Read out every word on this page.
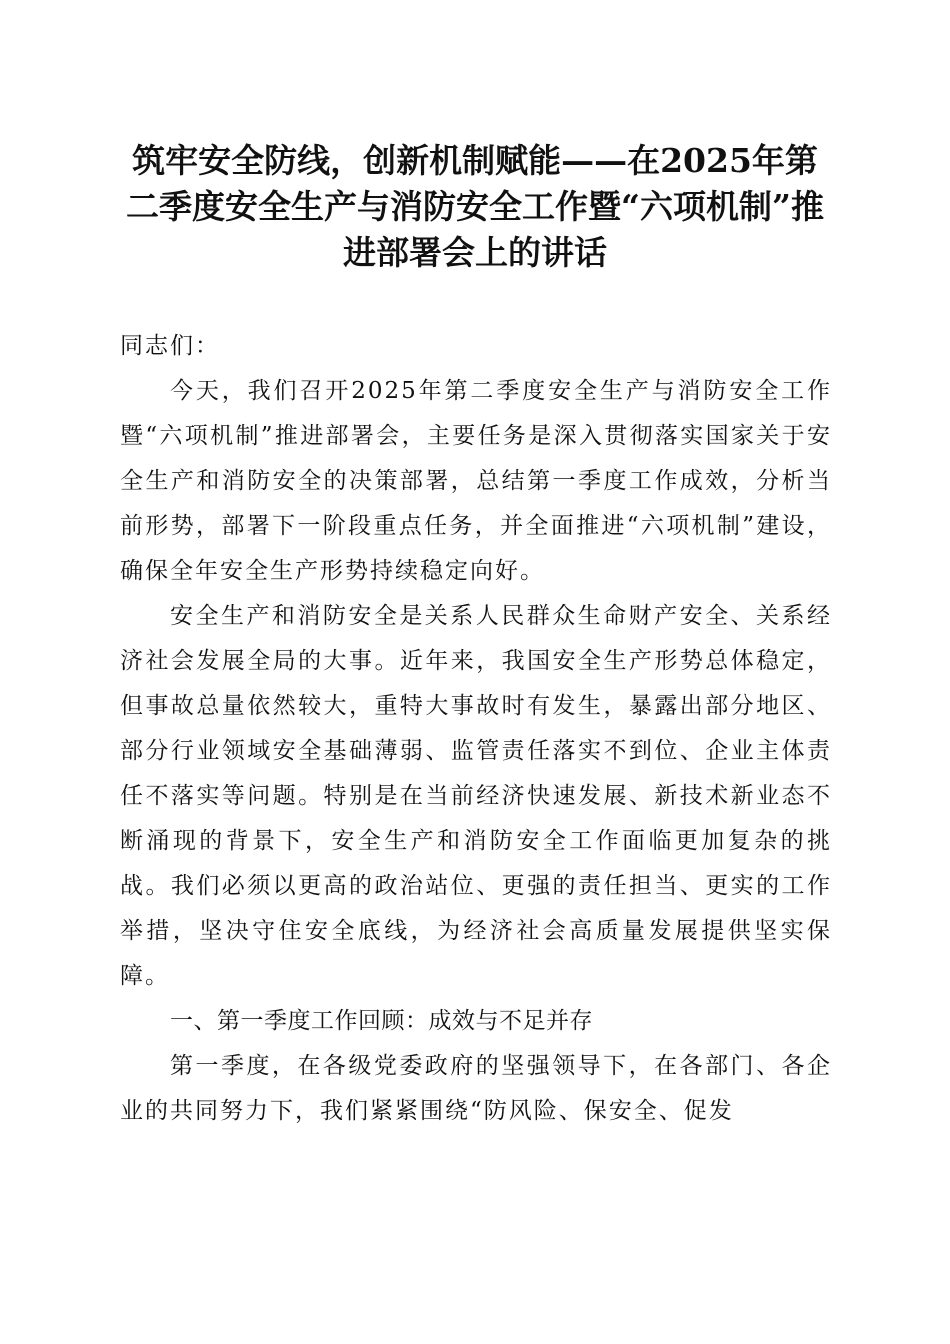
筑牢安全防线，创新机制赋能——在2025年第二季度安全生产与消防安全工作暨“六项机制”推进部署会上的讲话

同志们：

今天，我们召开2025年第二季度安全生产与消防安全工作暨“六项机制”推进部署会，主要任务是深入贯彻落实国家关于安全生产和消防安全的决策部署，总结第一季度工作成效，分析当前形势，部署下一阶段重点任务，并全面推进“六项机制”建设，确保全年安全生产形势持续稳定向好。

安全生产和消防安全是关系人民群众生命财产安全、关系经济社会发展全局的大事。近年来，我国安全生产形势总体稳定，但事故总量依然较大，重特大事故时有发生，暴露出部分地区、部分行业领域安全基础薄弱、监管责任落实不到位、企业主体责任不落实等问题。特别是在当前经济快速发展、新技术新业态不断涌现的背景下，安全生产和消防安全工作面临更加复杂的挑战。我们必须以更高的政治站位、更强的责任担当、更实的工作举措，坚决守住安全底线，为经济社会高质量发展提供坚实保障。

一、第一季度工作回顾：成效与不足并存

第一季度，在各级党委政府的坚强领导下，在各部门、各企业的共同努力下，我们紧紧围绕“防风险、保安全、促发
